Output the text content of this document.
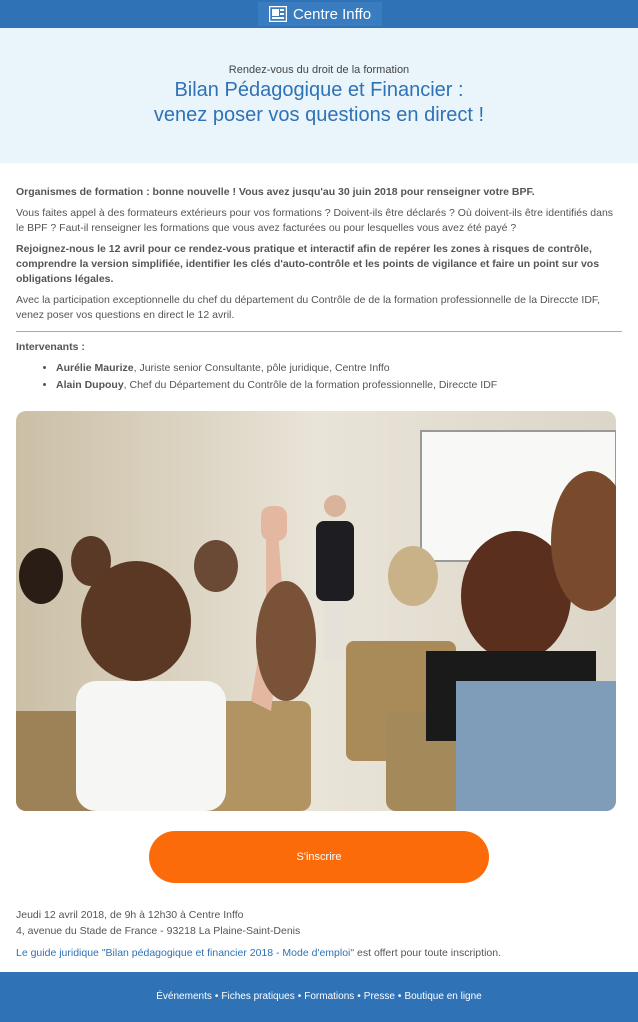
Centre Inffo

Rendez-vous du droit de la formation

Bilan Pédagogique et Financier :
venez poser vos questions en direct !

Organismes de formation : bonne nouvelle ! Vous avez jusqu'au 30 juin 2018 pour renseigner votre BPF.

Vous faites appel à des formateurs extérieurs pour vos formations ? Doivent-ils être déclarés ? Où doivent-ils être identifiés dans le BPF ? Faut-il renseigner les formations que vous avez facturées ou pour lesquelles vous avez été payé ?

Rejoignez-nous le 12 avril pour ce rendez-vous pratique et interactif afin de repérer les zones à risques de contrôle, comprendre la version simplifiée, identifier les clés d'auto-contrôle et les points de vigilance et faire un point sur vos obligations légales.

Avec la participation exceptionnelle du chef du département du Contrôle de de la formation professionnelle de la Direccte IDF, venez poser vos questions en direct le 12 avril.

Intervenants :

• Aurélie Maurize, Juriste senior Consultante, pôle juridique, Centre Inffo
• Alain Dupouy, Chef du Département du Contrôle de la formation professionnelle, Direccte IDF
S'inscrire

Jeudi 12 avril 2018, de 9h à 12h30 à Centre Inffo

4, avenue du Stade de France - 93218 La Plaine-Saint-Denis

Le guide juridique "Bilan pédagogique et financier 2018 - Mode d'emploi" est offert pour toute inscription.

Événements • Fiches pratiques • Formations • Presse • Boutique en ligne
